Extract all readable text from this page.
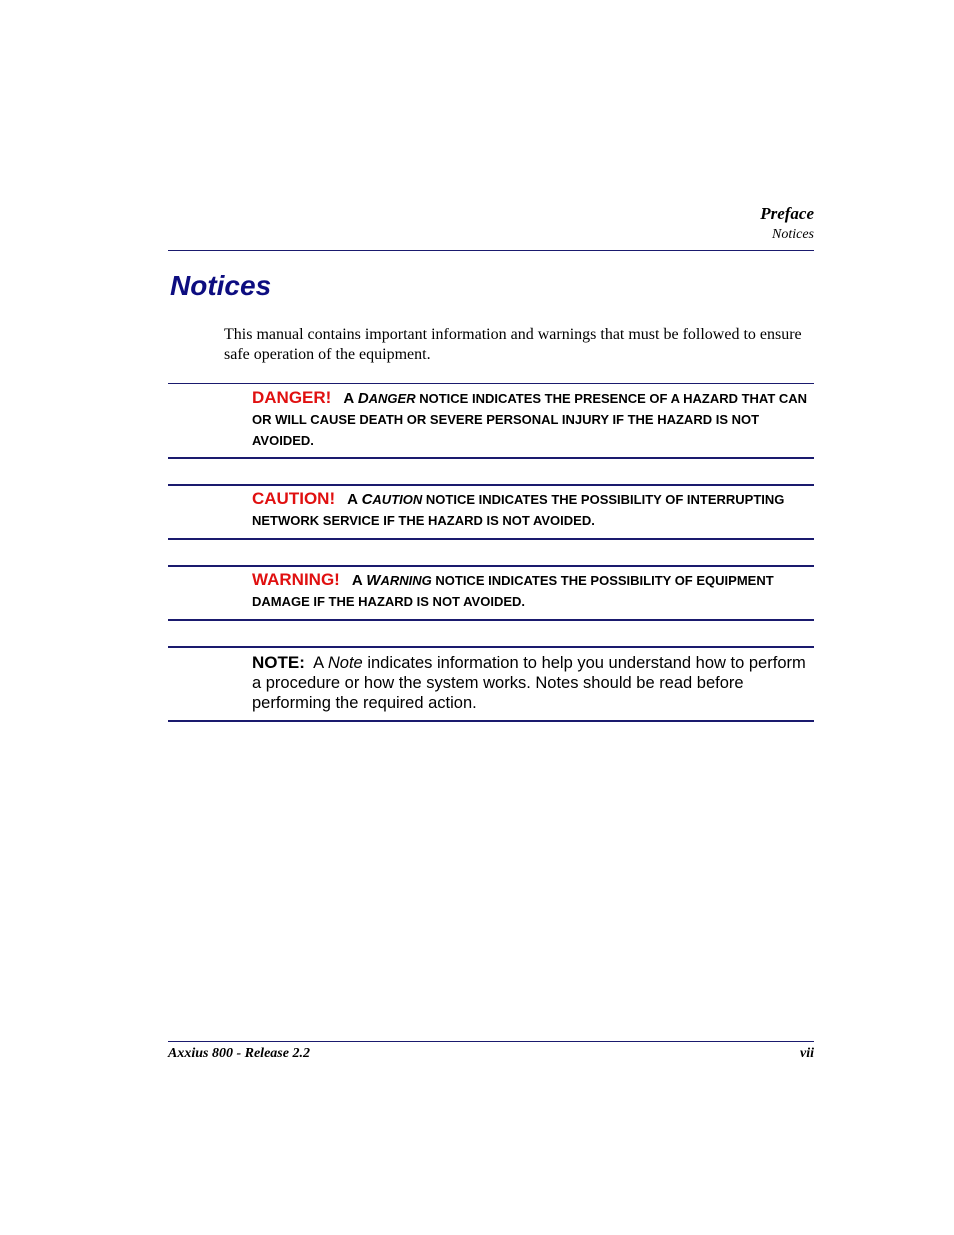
Preface
Notices
Notices

This manual contains important information and warnings that must be followed to ensure safe operation of the equipment.

DANGER! A DANGER NOTICE INDICATES THE PRESENCE OF A HAZARD THAT CAN OR WILL CAUSE DEATH OR SEVERE PERSONAL INJURY IF THE HAZARD IS NOT AVOIDED.
CAUTION! A CAUTION NOTICE INDICATES THE POSSIBILITY OF INTERRUPTING NETWORK SERVICE IF THE HAZARD IS NOT AVOIDED.
WARNING! A WARNING NOTICE INDICATES THE POSSIBILITY OF EQUIPMENT DAMAGE IF THE HAZARD IS NOT AVOIDED.
NOTE: A Note indicates information to help you understand how to perform a procedure or how the system works. Notes should be read before performing the required action.
Axxius 800 - Release 2.2	vii
